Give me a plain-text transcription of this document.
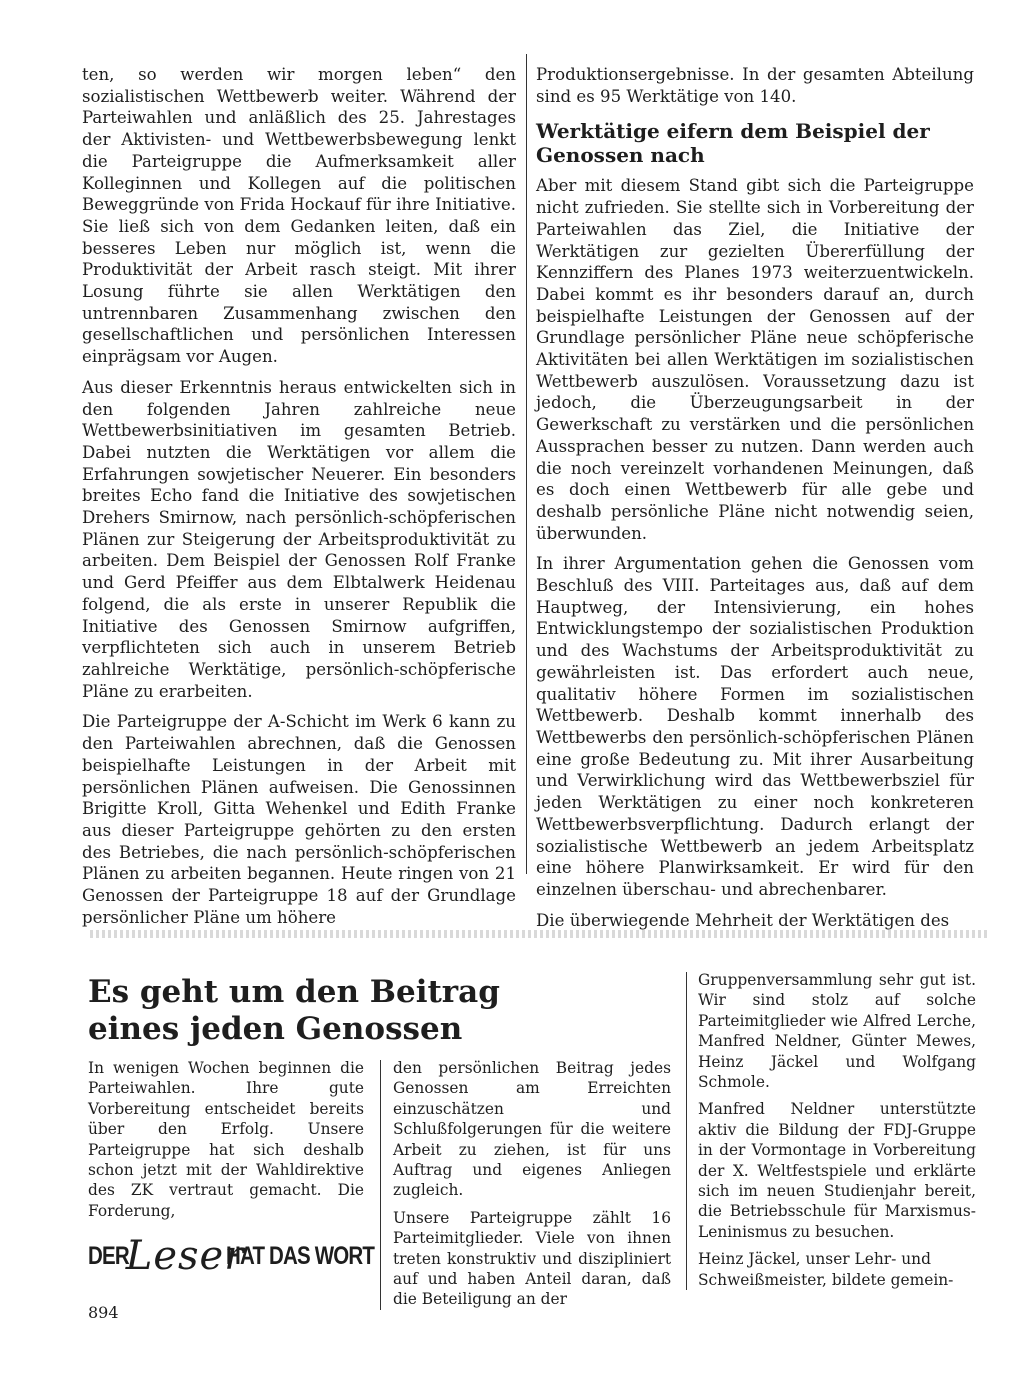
ten, so werden wir morgen leben“ den sozialistischen Wettbewerb weiter. Während der Parteiwahlen und anläßlich des 25. Jahrestages der Aktivisten- und Wettbewerbsbewegung lenkt die Parteigruppe die Aufmerksamkeit aller Kolleginnen und Kollegen auf die politischen Beweggründe von Frida Hockauf für ihre Initiative. Sie ließ sich von dem Gedanken leiten, daß ein besseres Leben nur möglich ist, wenn die Produktivität der Arbeit rasch steigt. Mit ihrer Losung führte sie allen Werktätigen den untrennbaren Zusammenhang zwischen den gesellschaftlichen und persönlichen Interessen einprägsam vor Augen.

Aus dieser Erkenntnis heraus entwickelten sich in den folgenden Jahren zahlreiche neue Wettbewerbsinitiativen im gesamten Betrieb. Dabei nutzten die Werktätigen vor allem die Erfahrungen sowjetischer Neuerer. Ein besonders breites Echo fand die Initiative des sowjetischen Drehers Smirnow, nach persönlich-schöpferischen Plänen zur Steigerung der Arbeitsproduktivität zu arbeiten. Dem Beispiel der Genossen Rolf Franke und Gerd Pfeiffer aus dem Elbtalwerk Heidenau folgend, die als erste in unserer Republik die Initiative des Genossen Smirnow aufgriffen, verpflichteten sich auch in unserem Betrieb zahlreiche Werktätige, persönlich-schöpferische Pläne zu erarbeiten.

Die Parteigruppe der A-Schicht im Werk 6 kann zu den Parteiwahlen abrechnen, daß die Genossen beispielhafte Leistungen in der Arbeit mit persönlichen Plänen aufweisen. Die Genossinnen Brigitte Kroll, Gitta Wehenkel und Edith Franke aus dieser Parteigruppe gehörten zu den ersten des Betriebes, die nach persönlich-schöpferischen Plänen zu arbeiten begannen. Heute ringen von 21 Genossen der Parteigruppe 18 auf der Grundlage persönlicher Pläne um höhere

Produktionsergebnisse. In der gesamten Abteilung sind es 95 Werktätige von 140.

Werktätige eifern dem Beispiel der Genossen nach

Aber mit diesem Stand gibt sich die Parteigruppe nicht zufrieden. Sie stellte sich in Vorbereitung der Parteiwahlen das Ziel, die Initiative der Werktätigen zur gezielten Übererfüllung der Kennziffern des Planes 1973 weiterzuentwickeln. Dabei kommt es ihr besonders darauf an, durch beispielhafte Leistungen der Genossen auf der Grundlage persönlicher Pläne neue schöpferische Aktivitäten bei allen Werktätigen im sozialistischen Wettbewerb auszulösen. Voraussetzung dazu ist jedoch, die Überzeugungsarbeit in der Gewerkschaft zu verstärken und die persönlichen Aussprachen besser zu nutzen. Dann werden auch die noch vereinzelt vorhandenen Meinungen, daß es doch einen Wettbewerb für alle gebe und deshalb persönliche Pläne nicht notwendig seien, überwunden.

In ihrer Argumentation gehen die Genossen vom Beschluß des VIII. Parteitages aus, daß auf dem Hauptweg, der Intensivierung, ein hohes Entwicklungstempo der sozialistischen Produktion und des Wachstums der Arbeitsproduktivität zu gewährleisten ist. Das erfordert auch neue, qualitativ höhere Formen im sozialistischen Wettbewerb. Deshalb kommt innerhalb des Wettbewerbs den persönlich-schöpferischen Plänen eine große Bedeutung zu. Mit ihrer Ausarbeitung und Verwirklichung wird das Wettbewerbsziel für jeden Werktätigen zu einer noch konkreteren Wettbewerbsverpflichtung. Dadurch erlangt der sozialistische Wettbewerb an jedem Arbeitsplatz eine höhere Planwirksamkeit. Er wird für den einzelnen überschau- und abrechenbarer.

Die überwiegende Mehrheit der Werktätigen des

Es geht um den Beitrag eines jeden Genossen

In wenigen Wochen beginnen die Parteiwahlen. Ihre gute Vorbereitung entscheidet bereits über den Erfolg. Unsere Parteigruppe hat sich deshalb schon jetzt mit der Wahldirektive des ZK vertraut gemacht. Die Forderung,

DER
Leser
HAT DAS WORT

den persönlichen Beitrag jedes Genossen am Erreichten einzuschätzen und Schlußfolgerungen für die weitere Arbeit zu ziehen, ist für uns Auftrag und eigenes Anliegen zugleich.

Unsere Parteigruppe zählt 16 Parteimitglieder. Viele von ihnen treten konstruktiv und diszipliniert auf und haben Anteil daran, daß die Beteiligung an der

Gruppenversammlung sehr gut ist. Wir sind stolz auf solche Parteimitglieder wie Alfred Lerche, Manfred Neldner, Günter Mewes, Heinz Jäckel und Wolfgang Schmole.

Manfred Neldner unterstützte aktiv die Bildung der FDJ-Gruppe in der Vormontage in Vorbereitung der X. Weltfestspiele und erklärte sich im neuen Studienjahr bereit, die Betriebsschule für Marxismus-Leninismus zu besuchen.

Heinz Jäckel, unser Lehr- und Schweißmeister, bildete gemein-

894
